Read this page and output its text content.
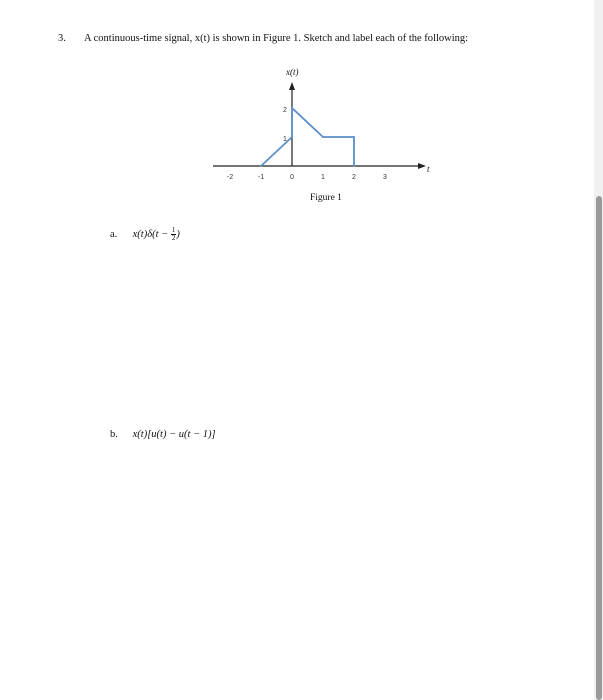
3. A continuous-time signal, x(t) is shown in Figure 1. Sketch and label each of the following:
x(t)
t
-2	-1	0	1	2	3
2
1
Figure 1
a. $x(t)\delta(t - \frac{1}{2}$ )
b. x(t)[u(t) − u(t − 1)]
